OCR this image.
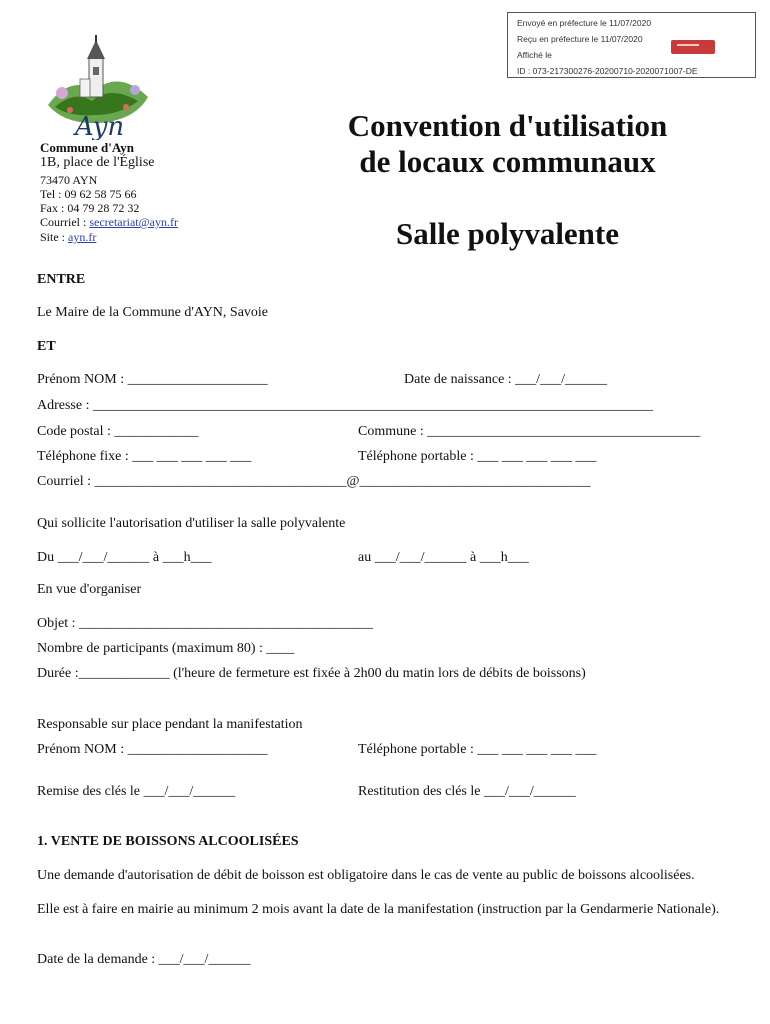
Envoyé en préfecture le 11/07/2020
Reçu en préfecture le 11/07/2020
Affiché le
ID : 073-217300276-20200710-2020071007-DE
Ayn
Commune d'Ayn
1B, place de l'Église
73470 AYN
Tel : 09 62 58 75 66
Fax : 04 79 28 72 32
Courriel : secretariat@ayn.fr
Site : ayn.fr
Convention d'utilisation
de locaux communaux
Salle polyvalente
ENTRE
Le Maire de la Commune d'AYN, Savoie
ET
Prénom NOM : ____________________	Date de naissance : ___/___/______
Adresse : ________________________________________________________________________________
Code postal : ____________	Commune : _______________________________________
Téléphone fixe : ___ ___ ___ ___ ___	Téléphone portable : ___ ___ ___ ___ ___
Courriel : ____________________________________@_________________________________
Qui sollicite l'autorisation d'utiliser la salle polyvalente
Du ___/___/______ à ___h___	au ___/___/______ à ___h___
En vue d'organiser
Objet : __________________________________________
Nombre de participants (maximum 80) : ____
Durée :_____________ (l'heure de fermeture est fixée à 2h00 du matin lors de débits de boissons)
Responsable sur place pendant la manifestation
Prénom NOM : ____________________	Téléphone portable : ___ ___ ___ ___ ___
Remise des clés le ___/___/______	Restitution des clés le ___/___/______
1. VENTE DE BOISSONS ALCOOLISÉES
Une demande d'autorisation de débit de boisson est obligatoire dans le cas de vente au public de boissons alcoolisées.
Elle est à faire en mairie au minimum 2 mois avant la date de la manifestation (instruction par la Gendarmerie Nationale).
Date de la demande : ___/___/______
